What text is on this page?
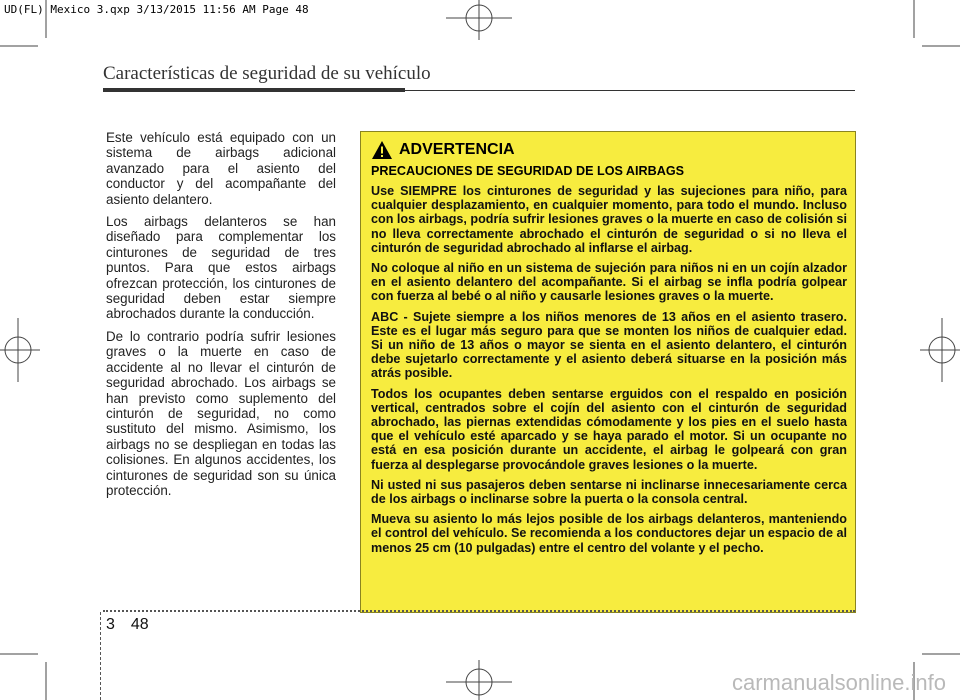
UD(FL) Mexico 3.qxp 3/13/2015 11:56 AM Page 48
Características de seguridad de su vehículo

Este vehículo está equipado con un sistema de airbags adicional avanzado para el asiento del conductor y del acompañante del asiento delantero.

Los airbags delanteros se han diseñado para complementar los cinturones de seguridad de tres puntos. Para que estos airbags ofrezcan protección, los cinturones de seguridad deben estar siempre abrochados durante la conducción.

De lo contrario podría sufrir lesiones graves o la muerte en caso de accidente al no llevar el cinturón de seguridad abrochado. Los airbags se han previsto como suplemento del cinturón de seguridad, no como sustituto del mismo. Asimismo, los airbags no se despliegan en todas las colisiones. En algunos accidentes, los cinturones de seguridad son su única protección.

ADVERTENCIA
PRECAUCIONES DE SEGURIDAD DE LOS AIRBAGS

Use SIEMPRE los cinturones de seguridad y las sujeciones para niño, para cualquier desplazamiento, en cualquier momento, para todo el mundo. Incluso con los airbags, podría sufrir lesiones graves o la muerte en caso de colisión si no lleva correctamente abrochado el cinturón de seguridad o si no lleva el cinturón de seguridad abrochado al inflarse el airbag.

No coloque al niño en un sistema de sujeción para niños ni en un cojín alzador en el asiento delantero del acompañante. Si el airbag se infla podría golpear con fuerza al bebé o al niño y causarle lesiones graves o la muerte.

ABC - Sujete siempre a los niños menores de 13 años en el asiento trasero. Este es el lugar más seguro para que se monten los niños de cualquier edad. Si un niño de 13 años o mayor se sienta en el asiento delantero, el cinturón debe sujetarlo correctamente y el asiento deberá situarse en la posición más atrás posible.

Todos los ocupantes deben sentarse erguidos con el respaldo en posición vertical, centrados sobre el cojín del asiento con el cinturón de seguridad abrochado, las piernas extendidas cómodamente y los pies en el suelo hasta que el vehículo esté aparcado y se haya parado el motor. Si un ocupante no está en esa posición durante un accidente, el airbag le golpeará con gran fuerza al desplegarse provocándole graves lesiones o la muerte.

Ni usted ni sus pasajeros deben sentarse ni inclinarse innecesariamente cerca de los airbags o inclinarse sobre la puerta o la consola central.

Mueva su asiento lo más lejos posible de los airbags delanteros, manteniendo el control del vehículo. Se recomienda a los conductores dejar un espacio de al menos 25 cm (10 pulgadas) entre el centro del volante y el pecho.

3 48
carmanualsonline.info
